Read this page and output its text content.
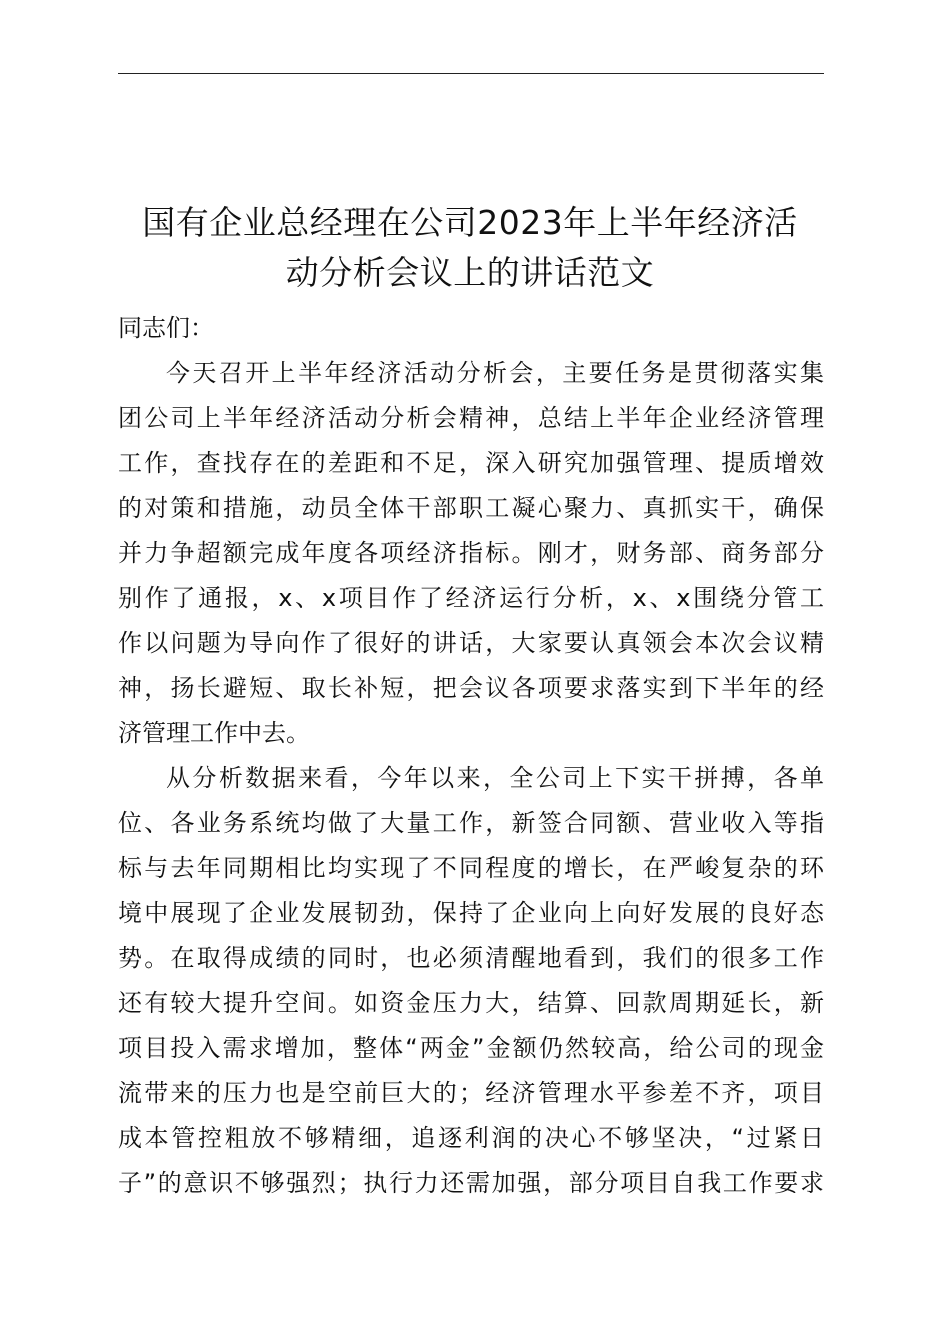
国有企业总经理在公司2023年上半年经济活
动分析会议上的讲话范文

同志们：

今天召开上半年经济活动分析会，主要任务是贯彻落实集
团公司上半年经济活动分析会精神，总结上半年企业经济管理
工作，查找存在的差距和不足，深入研究加强管理、提质增效
的对策和措施，动员全体干部职工凝心聚力、真抓实干，确保
并力争超额完成年度各项经济指标。刚才，财务部、商务部分
别作了通报，x、x项目作了经济运行分析，x、x围绕分管工
作以问题为导向作了很好的讲话，大家要认真领会本次会议精
神，扬长避短、取长补短，把会议各项要求落实到下半年的经
济管理工作中去。
从分析数据来看，今年以来，全公司上下实干拼搏，各单
位、各业务系统均做了大量工作，新签合同额、营业收入等指
标与去年同期相比均实现了不同程度的增长，在严峻复杂的环
境中展现了企业发展韧劲，保持了企业向上向好发展的良好态
势。在取得成绩的同时，也必须清醒地看到，我们的很多工作
还有较大提升空间。如资金压力大，结算、回款周期延长，新
项目投入需求增加，整体“两金”金额仍然较高，给公司的现金
流带来的压力也是空前巨大的；经济管理水平参差不齐，项目
成本管控粗放不够精细，追逐利润的决心不够坚决，“过紧日
子”的意识不够强烈；执行力还需加强，部分项目自我工作要求
